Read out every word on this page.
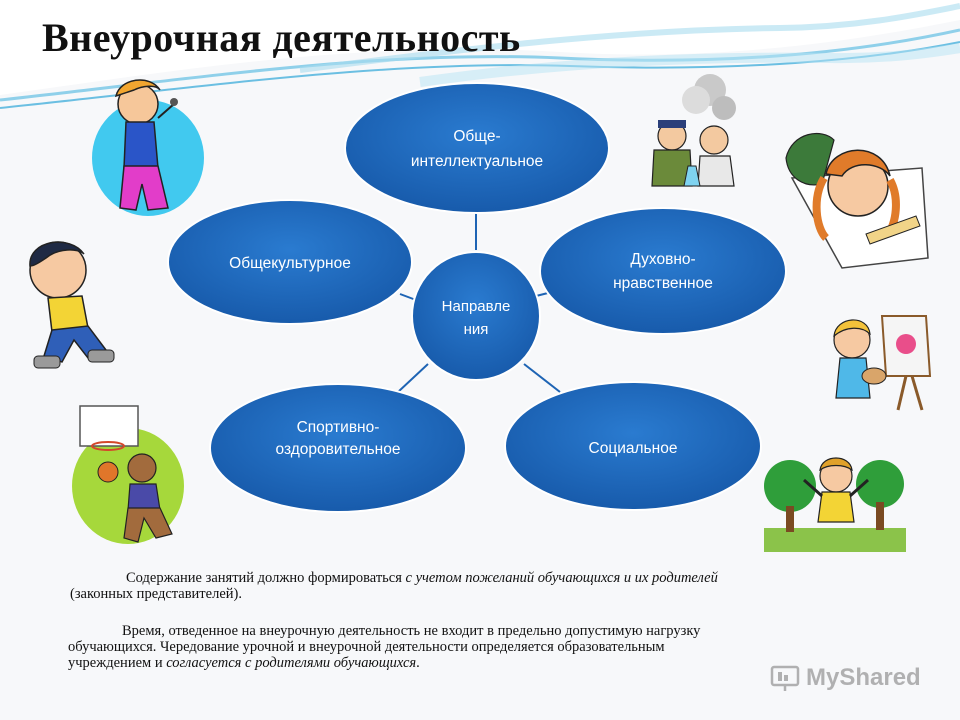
Внеурочная деятельность
Обще-
интеллектуальное
Духовно-
нравственное
Общекультурное
Спортивно-
оздоровительное	Социальное
Направле
ния
Содержание занятий должно формироваться с учетом пожеланий обучающихся и их родителей
(законных представителей).
Время, отведенное на внеурочную деятельность не входит в предельно допустимую нагрузку
обучающихся. Чередование урочной и внеурочной деятельности определяется образовательным
учреждением и согласуется с родителями обучающихся.
MyShared
